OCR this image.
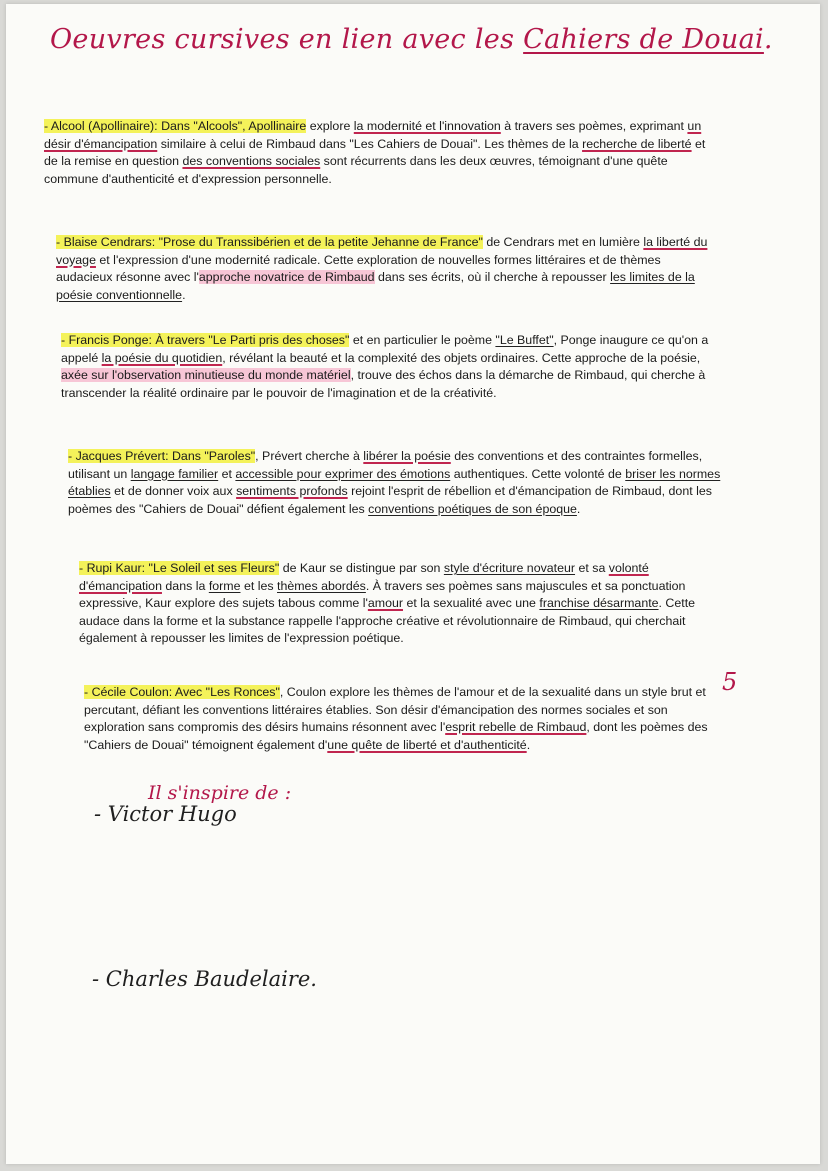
Oeuvres cursives en lien avec les Cahiers de Douai.
- Alcool (Apollinaire): Dans "Alcools", Apollinaire explore la modernité et l'innovation à travers ses poèmes, exprimant un désir d'émancipation similaire à celui de Rimbaud dans "Les Cahiers de Douai". Les thèmes de la recherche de liberté et de la remise en question des conventions sociales sont récurrents dans les deux œuvres, témoignant d'une quête commune d'authenticité et d'expression personnelle.
- Blaise Cendrars: "Prose du Transsibérien et de la petite Jehanne de France" de Cendrars met en lumière la liberté du voyage et l'expression d'une modernité radicale. Cette exploration de nouvelles formes littéraires et de thèmes audacieux résonne avec l'approche novatrice de Rimbaud dans ses écrits, où il cherche à repousser les limites de la poésie conventionnelle.
- Francis Ponge: À travers "Le Parti pris des choses" et en particulier le poème "Le Buffet", Ponge inaugure ce qu'on a appelé la poésie du quotidien, révélant la beauté et la complexité des objets ordinaires. Cette approche de la poésie, axée sur l'observation minutieuse du monde matériel, trouve des échos dans la démarche de Rimbaud, qui cherche à transcender la réalité ordinaire par le pouvoir de l'imagination et de la créativité.
- Jacques Prévert: Dans "Paroles", Prévert cherche à libérer la poésie des conventions et des contraintes formelles, utilisant un langage familier et accessible pour exprimer des émotions authentiques. Cette volonté de briser les normes établies et de donner voix aux sentiments profonds rejoint l'esprit de rébellion et d'émancipation de Rimbaud, dont les poèmes des "Cahiers de Douai" défient également les conventions poétiques de son époque.
- Rupi Kaur: "Le Soleil et ses Fleurs" de Kaur se distingue par son style d'écriture novateur et sa volonté d'émancipation dans la forme et les thèmes abordés. À travers ses poèmes sans majuscules et sa ponctuation expressive, Kaur explore des sujets tabous comme l'amour et la sexualité avec une franchise désarmante. Cette audace dans la forme et la substance rappelle l'approche créative et révolutionnaire de Rimbaud, qui cherchait également à repousser les limites de l'expression poétique.
- Cécile Coulon: Avec "Les Ronces", Coulon explore les thèmes de l'amour et de la sexualité dans un style brut et percutant, défiant les conventions littéraires établies. Son désir d'émancipation des normes sociales et son exploration sans compromis des désirs humains résonnent avec l'esprit rebelle de Rimbaud, dont les poèmes des "Cahiers de Douai" témoignent également d'une quête de liberté et d'authenticité.
Il s'inspire de :
- Victor Hugo
- Charles Baudelaire.
5
